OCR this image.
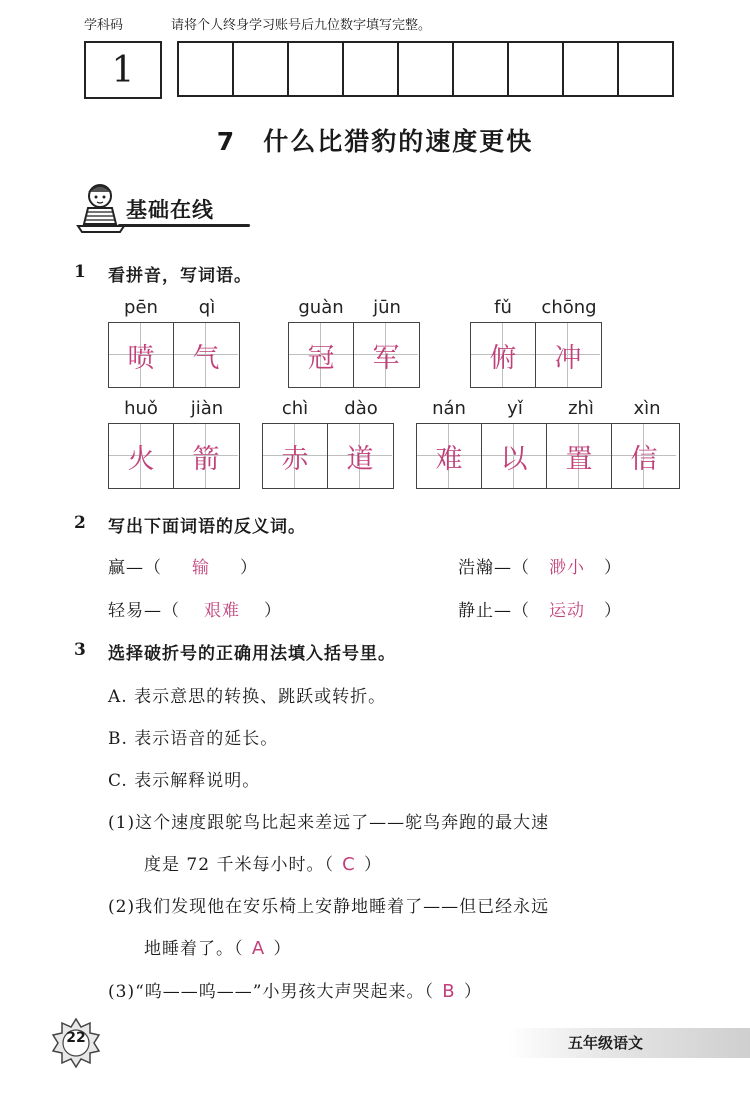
学科码	请将个人终身学习账号后九位数字填写完整。
1
7　什么比猎豹的速度更快
基础在线
1 看拼音，写词语。
pēn	qì
喷	气
guàn	jūn
冠	军
fǔ	chōng
俯	冲
huǒ	jiàn
火	箭
chì	dào
赤	道
nán	yǐ	zhì	xìn
难	以	置	信
2 写出下面词语的反义词。
赢—（ 输 ）	浩瀚—（ 渺小 ）
轻易—（ 艰难 ）	静止—（ 运动 ）
3 选择破折号的正确用法填入括号里。
A. 表示意思的转换、跳跃或转折。
B. 表示语音的延长。
C. 表示解释说明。
(1)这个速度跟鸵鸟比起来差远了——鸵鸟奔跑的最大速
度是 72 千米每小时。（ C ）
(2)我们发现他在安乐椅上安静地睡着了——但已经永远
地睡着了。（ A ）
(3)“呜——呜——”小男孩大声哭起来。（ B ）
22	五年级语文
